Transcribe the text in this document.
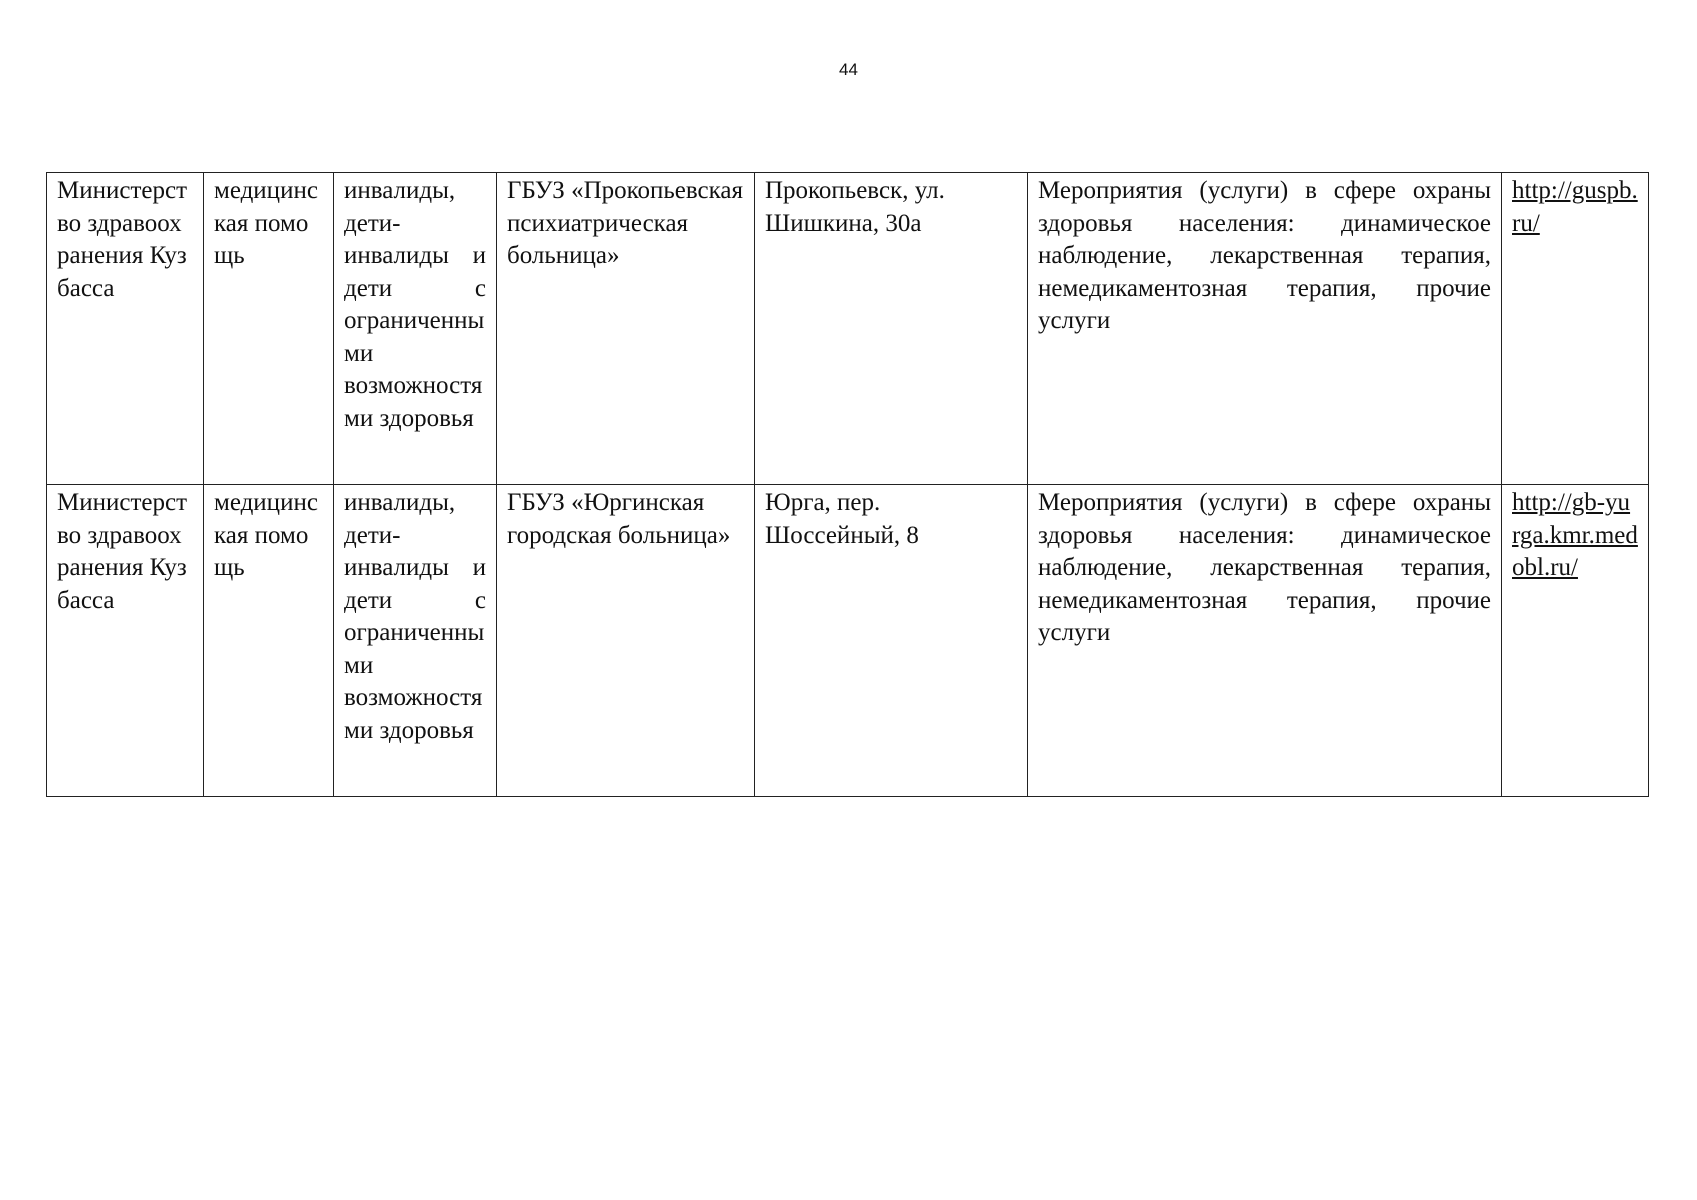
44
Министерство здравоохранения Кузбасса	медицинская помощь	инвалиды, дети-инвалиды и дети с ограниченными возможностями здоровья	ГБУЗ «Прокопьевская психиатрическая больница»	Прокопьевск, ул. Шишкина, 30а	Мероприятия (услуги) в сфере охраны здоровья населения: динамическое наблюдение, лекарственная терапия, немедикаментозная терапия, прочие услуги	http://guspb.ru/
Министерство здравоохранения Кузбасса	медицинская помощь	инвалиды, дети-инвалиды и дети с ограниченными возможностями здоровья	ГБУЗ «Юргинская городская больница»	Юрга, пер. Шоссейный, 8	Мероприятия (услуги) в сфере охраны здоровья населения: динамическое наблюдение, лекарственная терапия, немедикаментозная терапия, прочие услуги	http://gb-yurga.kmr.medobl.ru/
